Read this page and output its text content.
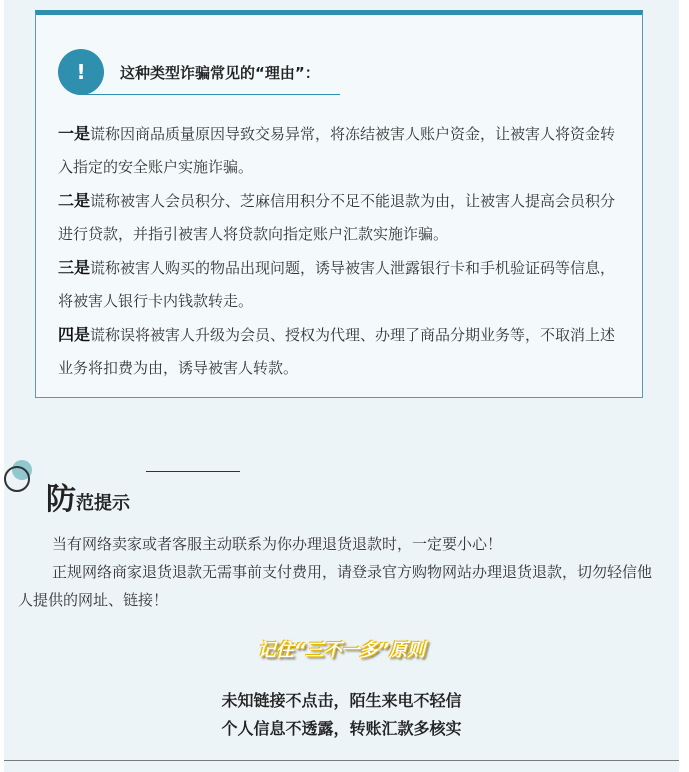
!	这种类型诈骗常见的“理由”：

一是谎称因商品质量原因导致交易异常，将冻结被害人账户资金，让被害人将资金转入指定的安全账户实施诈骗。

二是谎称被害人会员积分、芝麻信用积分不足不能退款为由，让被害人提高会员积分进行贷款，并指引被害人将贷款向指定账户汇款实施诈骗。

三是谎称被害人购买的物品出现问题，诱导被害人泄露银行卡和手机验证码等信息，将被害人银行卡内钱款转走。

四是谎称误将被害人升级为会员、授权为代理、办理了商品分期业务等，不取消上述业务将扣费为由，诱导被害人转款。

防范提示

当有网络卖家或者客服主动联系为你办理退货退款时，一定要小心！

正规网络商家退货退款无需事前支付费用，请登录官方购物网站办理退货退款，切勿轻信他人提供的网址、链接！

记住“三不一多”原则
未知链接不点击，陌生来电不轻信
个人信息不透露，转账汇款多核实
